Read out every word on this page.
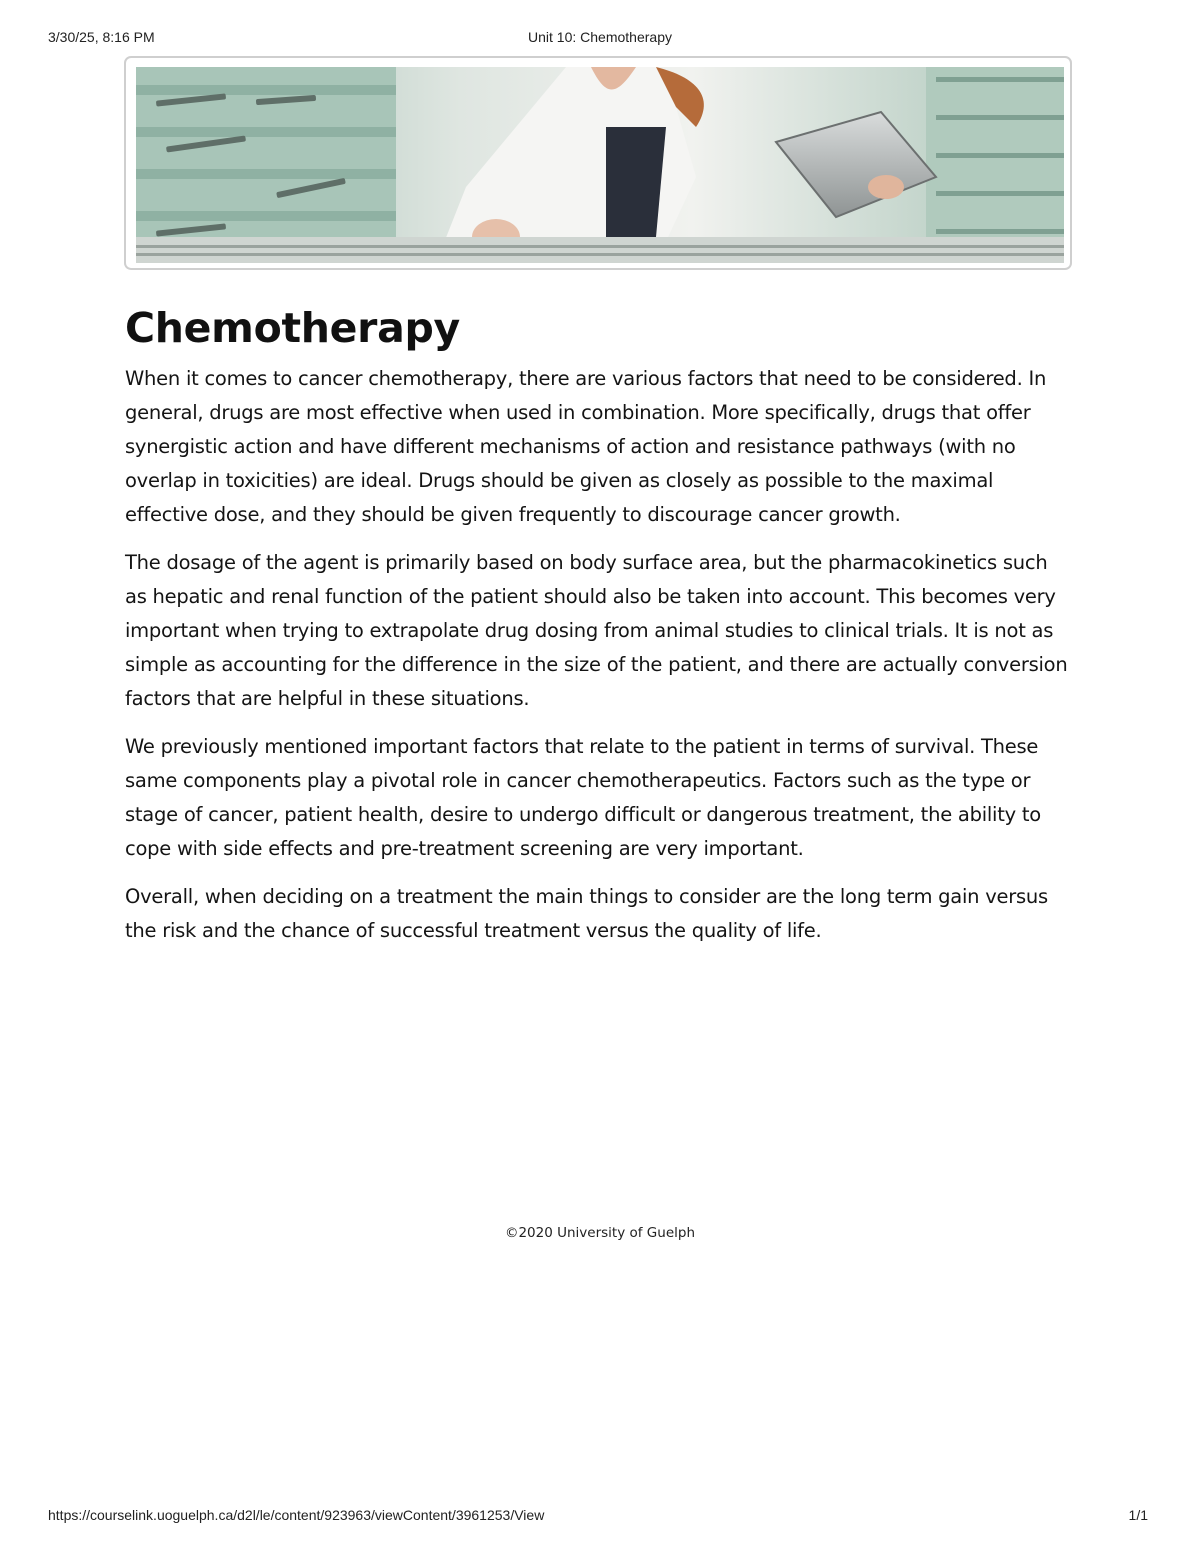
3/30/25, 8:16 PM	Unit 10: Chemotherapy
Chemotherapy

When it comes to cancer chemotherapy, there are various factors that need to be considered. In general, drugs are most effective when used in combination. More specifically, drugs that offer synergistic action and have different mechanisms of action and resistance pathways (with no overlap in toxicities) are ideal. Drugs should be given as closely as possible to the maximal effective dose, and they should be given frequently to discourage cancer growth.

The dosage of the agent is primarily based on body surface area, but the pharmacokinetics such as hepatic and renal function of the patient should also be taken into account. This becomes very important when trying to extrapolate drug dosing from animal studies to clinical trials. It is not as simple as accounting for the difference in the size of the patient, and there are actually conversion factors that are helpful in these situations.

We previously mentioned important factors that relate to the patient in terms of survival. These same components play a pivotal role in cancer chemotherapeutics. Factors such as the type or stage of cancer, patient health, desire to undergo difficult or dangerous treatment, the ability to cope with side effects and pre-treatment screening are very important.

Overall, when deciding on a treatment the main things to consider are the long term gain versus the risk and the chance of successful treatment versus the quality of life.

©2020 University of Guelph
https://courselink.uoguelph.ca/d2l/le/content/923963/viewContent/3961253/View	1/1
